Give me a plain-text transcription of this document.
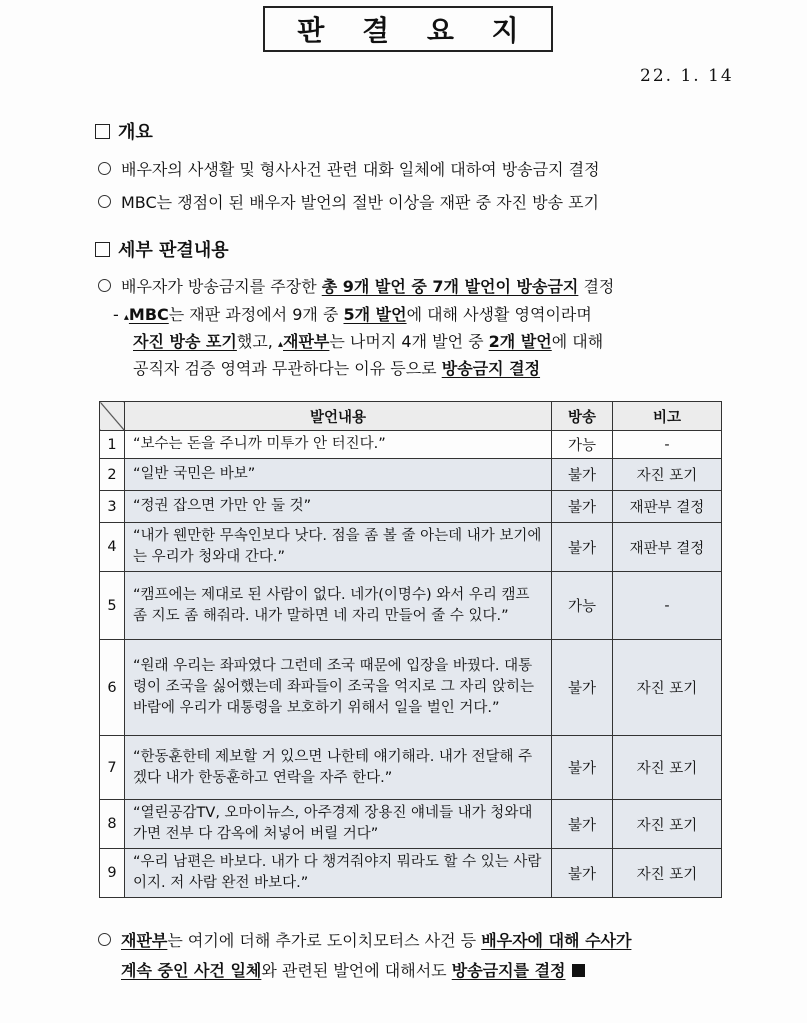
판 결 요 지
22. 1. 14
개요
배우자의 사생활 및 형사사건 관련 대화 일체에 대하여 방송금지 결정
MBC는 쟁점이 된 배우자 발언의 절반 이상을 재판 중 자진 방송 포기
세부 판결내용
배우자가 방송금지를 주장한 총 9개 발언 중 7개 발언이 방송금지 결정
- ▴MBC는 재판 과정에서 9개 중 5개 발언에 대해 사생활 영역이라며
자진 방송 포기했고, ▴재판부는 나머지 4개 발언 중 2개 발언에 대해
공직자 검증 영역과 무관하다는 이유 등으로 방송금지 결정
	발언내용	방송	비고
1	“보수는 돈을 주니까 미투가 안 터진다.”	가능	-
2	“일반 국민은 바보”	불가	자진 포기
3	“정권 잡으면 가만 안 둘 것”	불가	재판부 결정
4	“내가 웬만한 무속인보다 낫다. 점을 좀 볼 줄 아는데 내가 보기에는 우리가 청와대 간다.”	불가	재판부 결정
5	“캠프에는 제대로 된 사람이 없다. 네가(이명수) 와서 우리 캠프 좀 지도 좀 해줘라. 내가 말하면 네 자리 만들어 줄 수 있다.”	가능	-
6	“원래 우리는 좌파였다 그런데 조국 때문에 입장을 바꿨다. 대통령이 조국을 싫어했는데 좌파들이 조국을 억지로 그 자리 앉히는 바람에 우리가 대통령을 보호하기 위해서 일을 벌인 거다.”	불가	자진 포기
7	“한동훈한테 제보할 거 있으면 나한테 얘기해라. 내가 전달해 주겠다 내가 한동훈하고 연락을 자주 한다.”	불가	자진 포기
8	“열린공감TV, 오마이뉴스, 아주경제 장용진 얘네들 내가 청와대 가면 전부 다 감옥에 처넣어 버릴 거다”	불가	자진 포기
9	“우리 남편은 바보다. 내가 다 챙겨줘야지 뭐라도 할 수 있는 사람이지. 저 사람 완전 바보다.”	불가	자진 포기
재판부는 여기에 더해 추가로 도이치모터스 사건 등 배우자에 대해 수사가
계속 중인 사건 일체와 관련된 발언에 대해서도 방송금지를 결정
